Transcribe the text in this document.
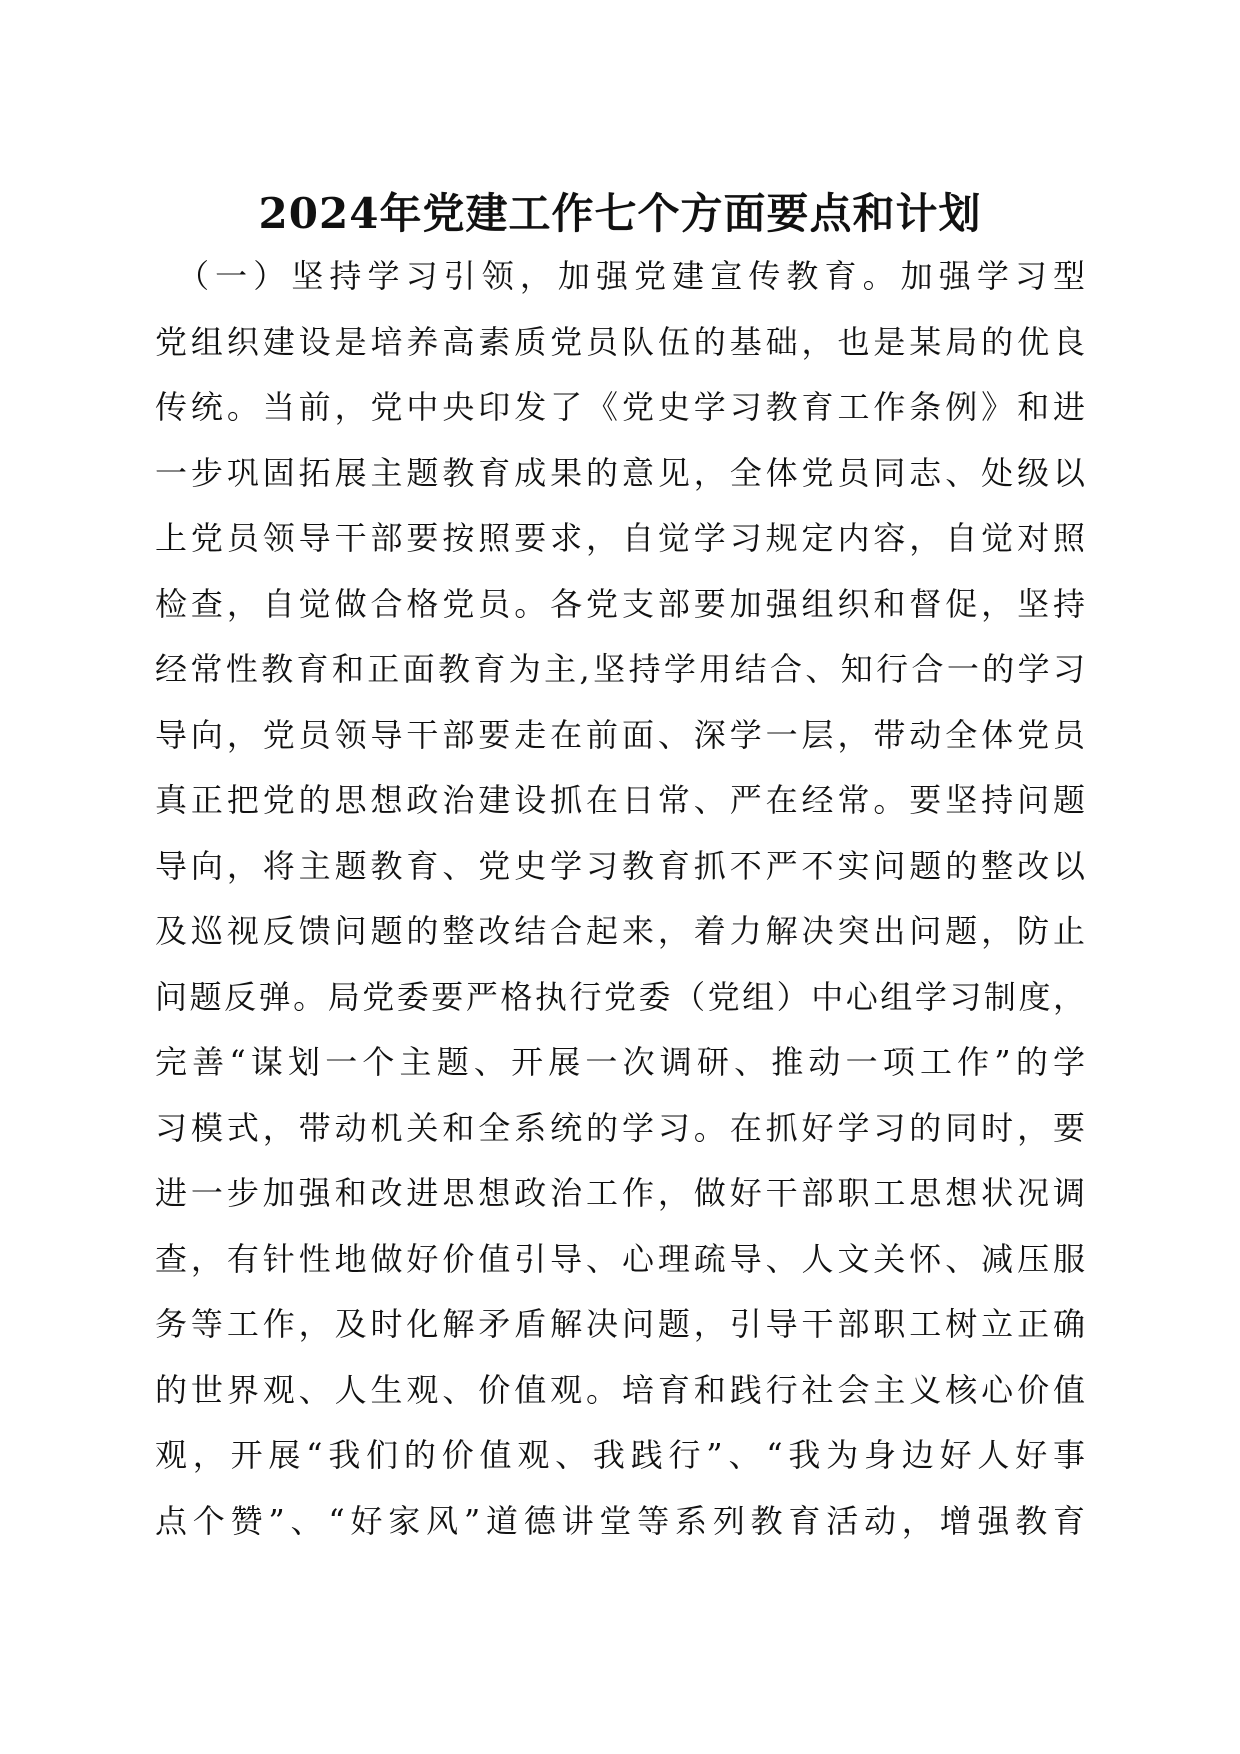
2024年党建工作七个方面要点和计划
　（一）坚持学习引领，加强党建宣传教育。加强学习型
党组织建设是培养高素质党员队伍的基础，也是某局的优良
传统。当前，党中央印发了《党史学习教育工作条例》和进
一步巩固拓展主题教育成果的意见，全体党员同志、处级以
上党员领导干部要按照要求，自觉学习规定内容，自觉对照
检查，自觉做合格党员。各党支部要加强组织和督促，坚持
经常性教育和正面教育为主,坚持学用结合、知行合一的学习
导向，党员领导干部要走在前面、深学一层，带动全体党员
真正把党的思想政治建设抓在日常、严在经常。要坚持问题
导向，将主题教育、党史学习教育抓不严不实问题的整改以
及巡视反馈问题的整改结合起来，着力解决突出问题，防止
问题反弹。局党委要严格执行党委（党组）中心组学习制度，
完善“谋划一个主题、开展一次调研、推动一项工作”的学
习模式，带动机关和全系统的学习。在抓好学习的同时，要
进一步加强和改进思想政治工作，做好干部职工思想状况调
查，有针性地做好价值引导、心理疏导、人文关怀、减压服
务等工作，及时化解矛盾解决问题，引导干部职工树立正确
的世界观、人生观、价值观。培育和践行社会主义核心价值
观，开展“我们的价值观、我践行”、“我为身边好人好事
点个赞”、“好家风”道德讲堂等系列教育活动，增强教育
